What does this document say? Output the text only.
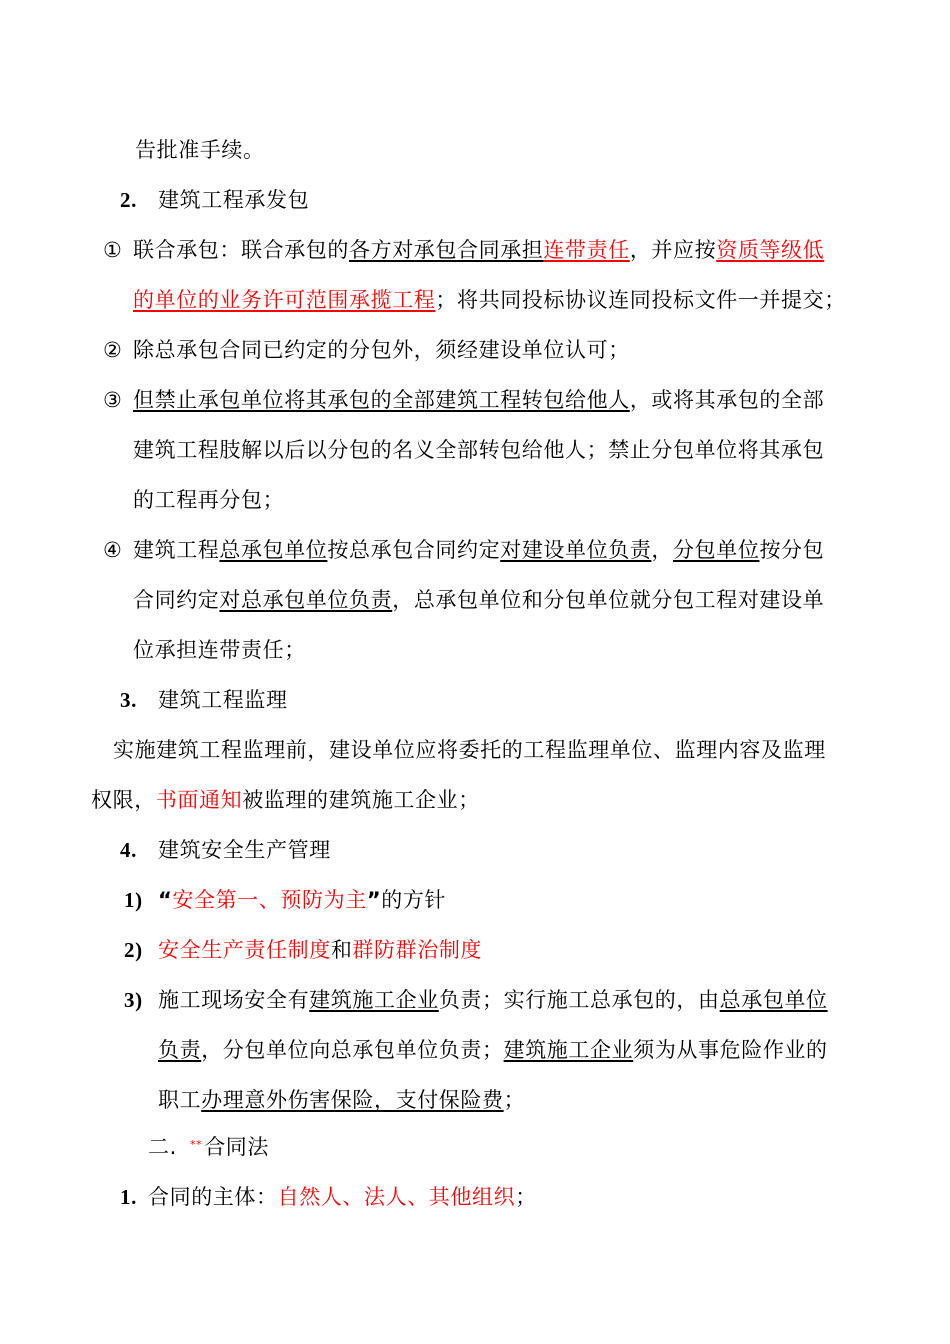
告批准手续。
2. 建筑工程承发包
① 联合承包：联合承包的各方对承包合同承担连带责任，并应按资质等级低
的单位的业务许可范围承揽工程；将共同投标协议连同投标文件一并提交；
② 除总承包合同已约定的分包外，须经建设单位认可；
③ 但禁止承包单位将其承包的全部建筑工程转包给他人，或将其承包的全部
建筑工程肢解以后以分包的名义全部转包给他人；禁止分包单位将其承包
的工程再分包；
④ 建筑工程总承包单位按总承包合同约定对建设单位负责，分包单位按分包
合同约定对总承包单位负责，总承包单位和分包单位就分包工程对建设单
位承担连带责任；
3. 建筑工程监理
实施建筑工程监理前，建设单位应将委托的工程监理单位、监理内容及监理
权限，书面通知被监理的建筑施工企业；
4. 建筑安全生产管理
1) “安全第一、预防为主”的方针
2) 安全生产责任制度和群防群治制度
3) 施工现场安全有建筑施工企业负责；实行施工总承包的，由总承包单位
负责，分包单位向总承包单位负责；建筑施工企业须为从事危险作业的
职工办理意外伤害保险，支付保险费；
二. **合同法
1. 合同的主体：自然人、法人、其他组织；
